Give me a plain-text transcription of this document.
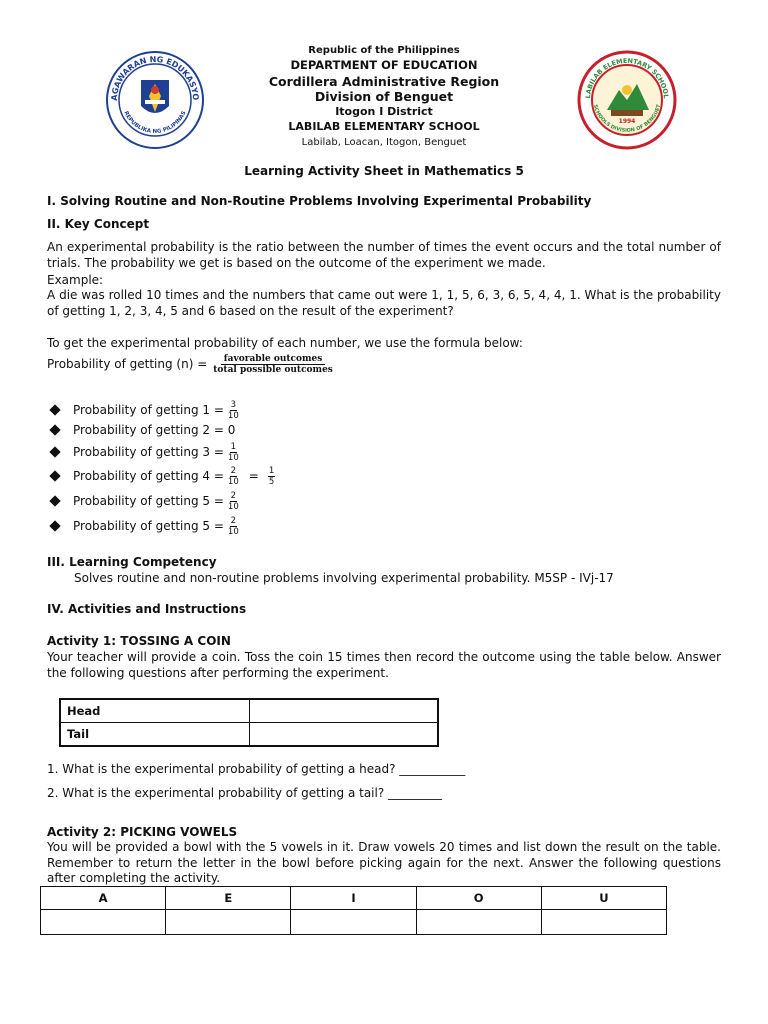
AGAWARAN NG EDUKASYO
REPUBLIKA NG PILIPINAS
LABILAB ELEMENTARY SCHOOL
SCHOOLS DIVISION OF BENGUET
1994
Republic of the Philippines
DEPARTMENT OF EDUCATION
Cordillera Administrative Region
Division of Benguet
Itogon I District
LABILAB ELEMENTARY SCHOOL
Labilab, Loacan, Itogon, Benguet
Learning Activity Sheet in Mathematics 5
I. Solving Routine and Non-Routine Problems Involving Experimental Probability
II. Key Concept
An experimental probability is the ratio between the number of times the event occurs and the total number of trials. The probability we get is based on the outcome of the experiment we made.
Example:
A die was rolled 10 times and the numbers that came out were 1, 1, 5, 6, 3, 6, 5, 4, 4, 1. What is the probability of getting 1, 2, 3, 4, 5 and 6 based on the result of the experiment?
To get the experimental probability of each number, we use the formula below:
Probability of getting $(n) = \frac{\text{favorable outcomes}}{\text{total possible outcomes}}$
Probability of getting $1 = \frac{3}{10}$
Probability of getting 2 = 0
Probability of getting $3 = \frac{1}{10}$
Probability of getting $4 = \frac{2}{10} = \frac{1}{5}$
Probability of getting $5 = \frac{2}{10}$
Probability of getting $5 = \frac{2}{10}$
III. Learning Competency
Solves routine and non-routine problems involving experimental probability. M5SP - IVj-17
IV. Activities and Instructions
Activity 1: TOSSING A COIN
Your teacher will provide a coin. Toss the coin 15 times then record the outcome using the table below. Answer the following questions after performing the experiment.
Head	
Tail	
1. What is the experimental probability of getting a head? ___________
2. What is the experimental probability of getting a tail? _________
Activity 2: PICKING VOWELS
You will be provided a bowl with the 5 vowels in it. Draw vowels 20 times and list down the result on the table. Remember to return the letter in the bowl before picking again for the next. Answer the following questions after completing the activity.
A	E	I	O	U
